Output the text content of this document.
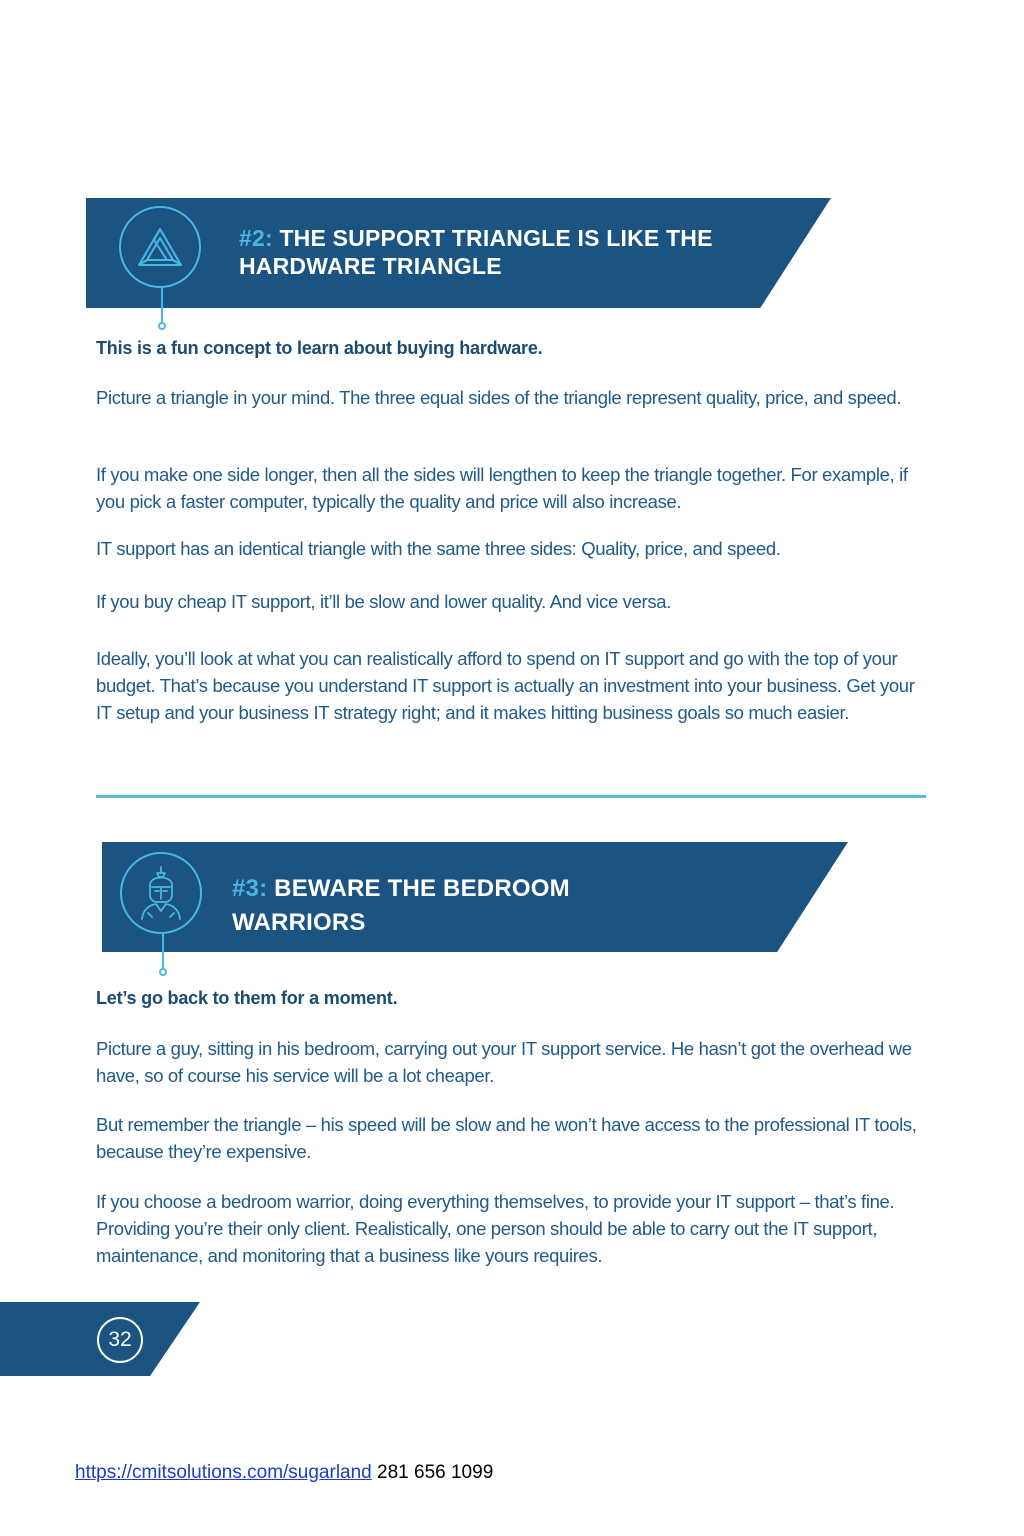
#2: THE SUPPORT TRIANGLE IS LIKE THE HARDWARE TRIANGLE
This is a fun concept to learn about buying hardware.
Picture a triangle in your mind. The three equal sides of the triangle represent quality, price, and speed.
If you make one side longer, then all the sides will lengthen to keep the triangle together. For example, if you pick a faster computer, typically the quality and price will also increase.
IT support has an identical triangle with the same three sides: Quality, price, and speed.
If you buy cheap IT support, it’ll be slow and lower quality. And vice versa.
Ideally, you’ll look at what you can realistically afford to spend on IT support and go with the top of your budget. That’s because you understand IT support is actually an investment into your business. Get your IT setup and your business IT strategy right; and it makes hitting business goals so much easier.
#3: BEWARE THE BEDROOM WARRIORS
Let’s go back to them for a moment.
Picture a guy, sitting in his bedroom, carrying out your IT support service. He hasn’t got the overhead we have, so of course his service will be a lot cheaper.
But remember the triangle – his speed will be slow and he won’t have access to the professional IT tools, because they’re expensive.
If you choose a bedroom warrior, doing everything themselves, to provide your IT support – that’s fine. Providing you’re their only client. Realistically, one person should be able to carry out the IT support, maintenance, and monitoring that a business like yours requires.
32
https://cmitsolutions.com/sugarland 281 656 1099
